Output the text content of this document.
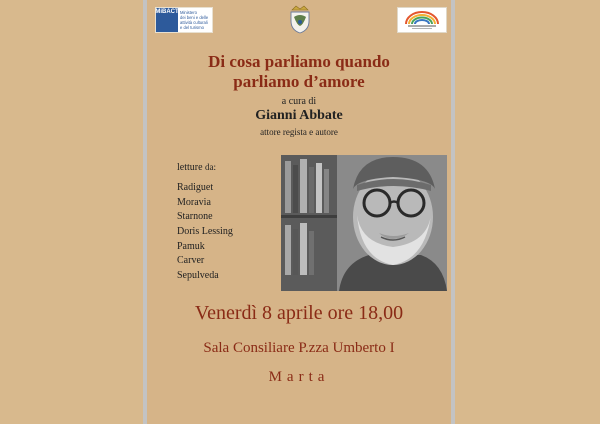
MiBACT Ministero
dei beni e delle
attività culturali
e del turismo
Di cosa parliamo quando
parliamo d’amore
a cura di
Gianni Abbate
attore regista e autore
letture da:
Radiguet
Moravia
Starnone
Doris Lessing
Pamuk
Carver
Sepulveda
Venerdì 8 aprile ore 18,00
Sala Consiliare P.zza Umberto I
Marta
